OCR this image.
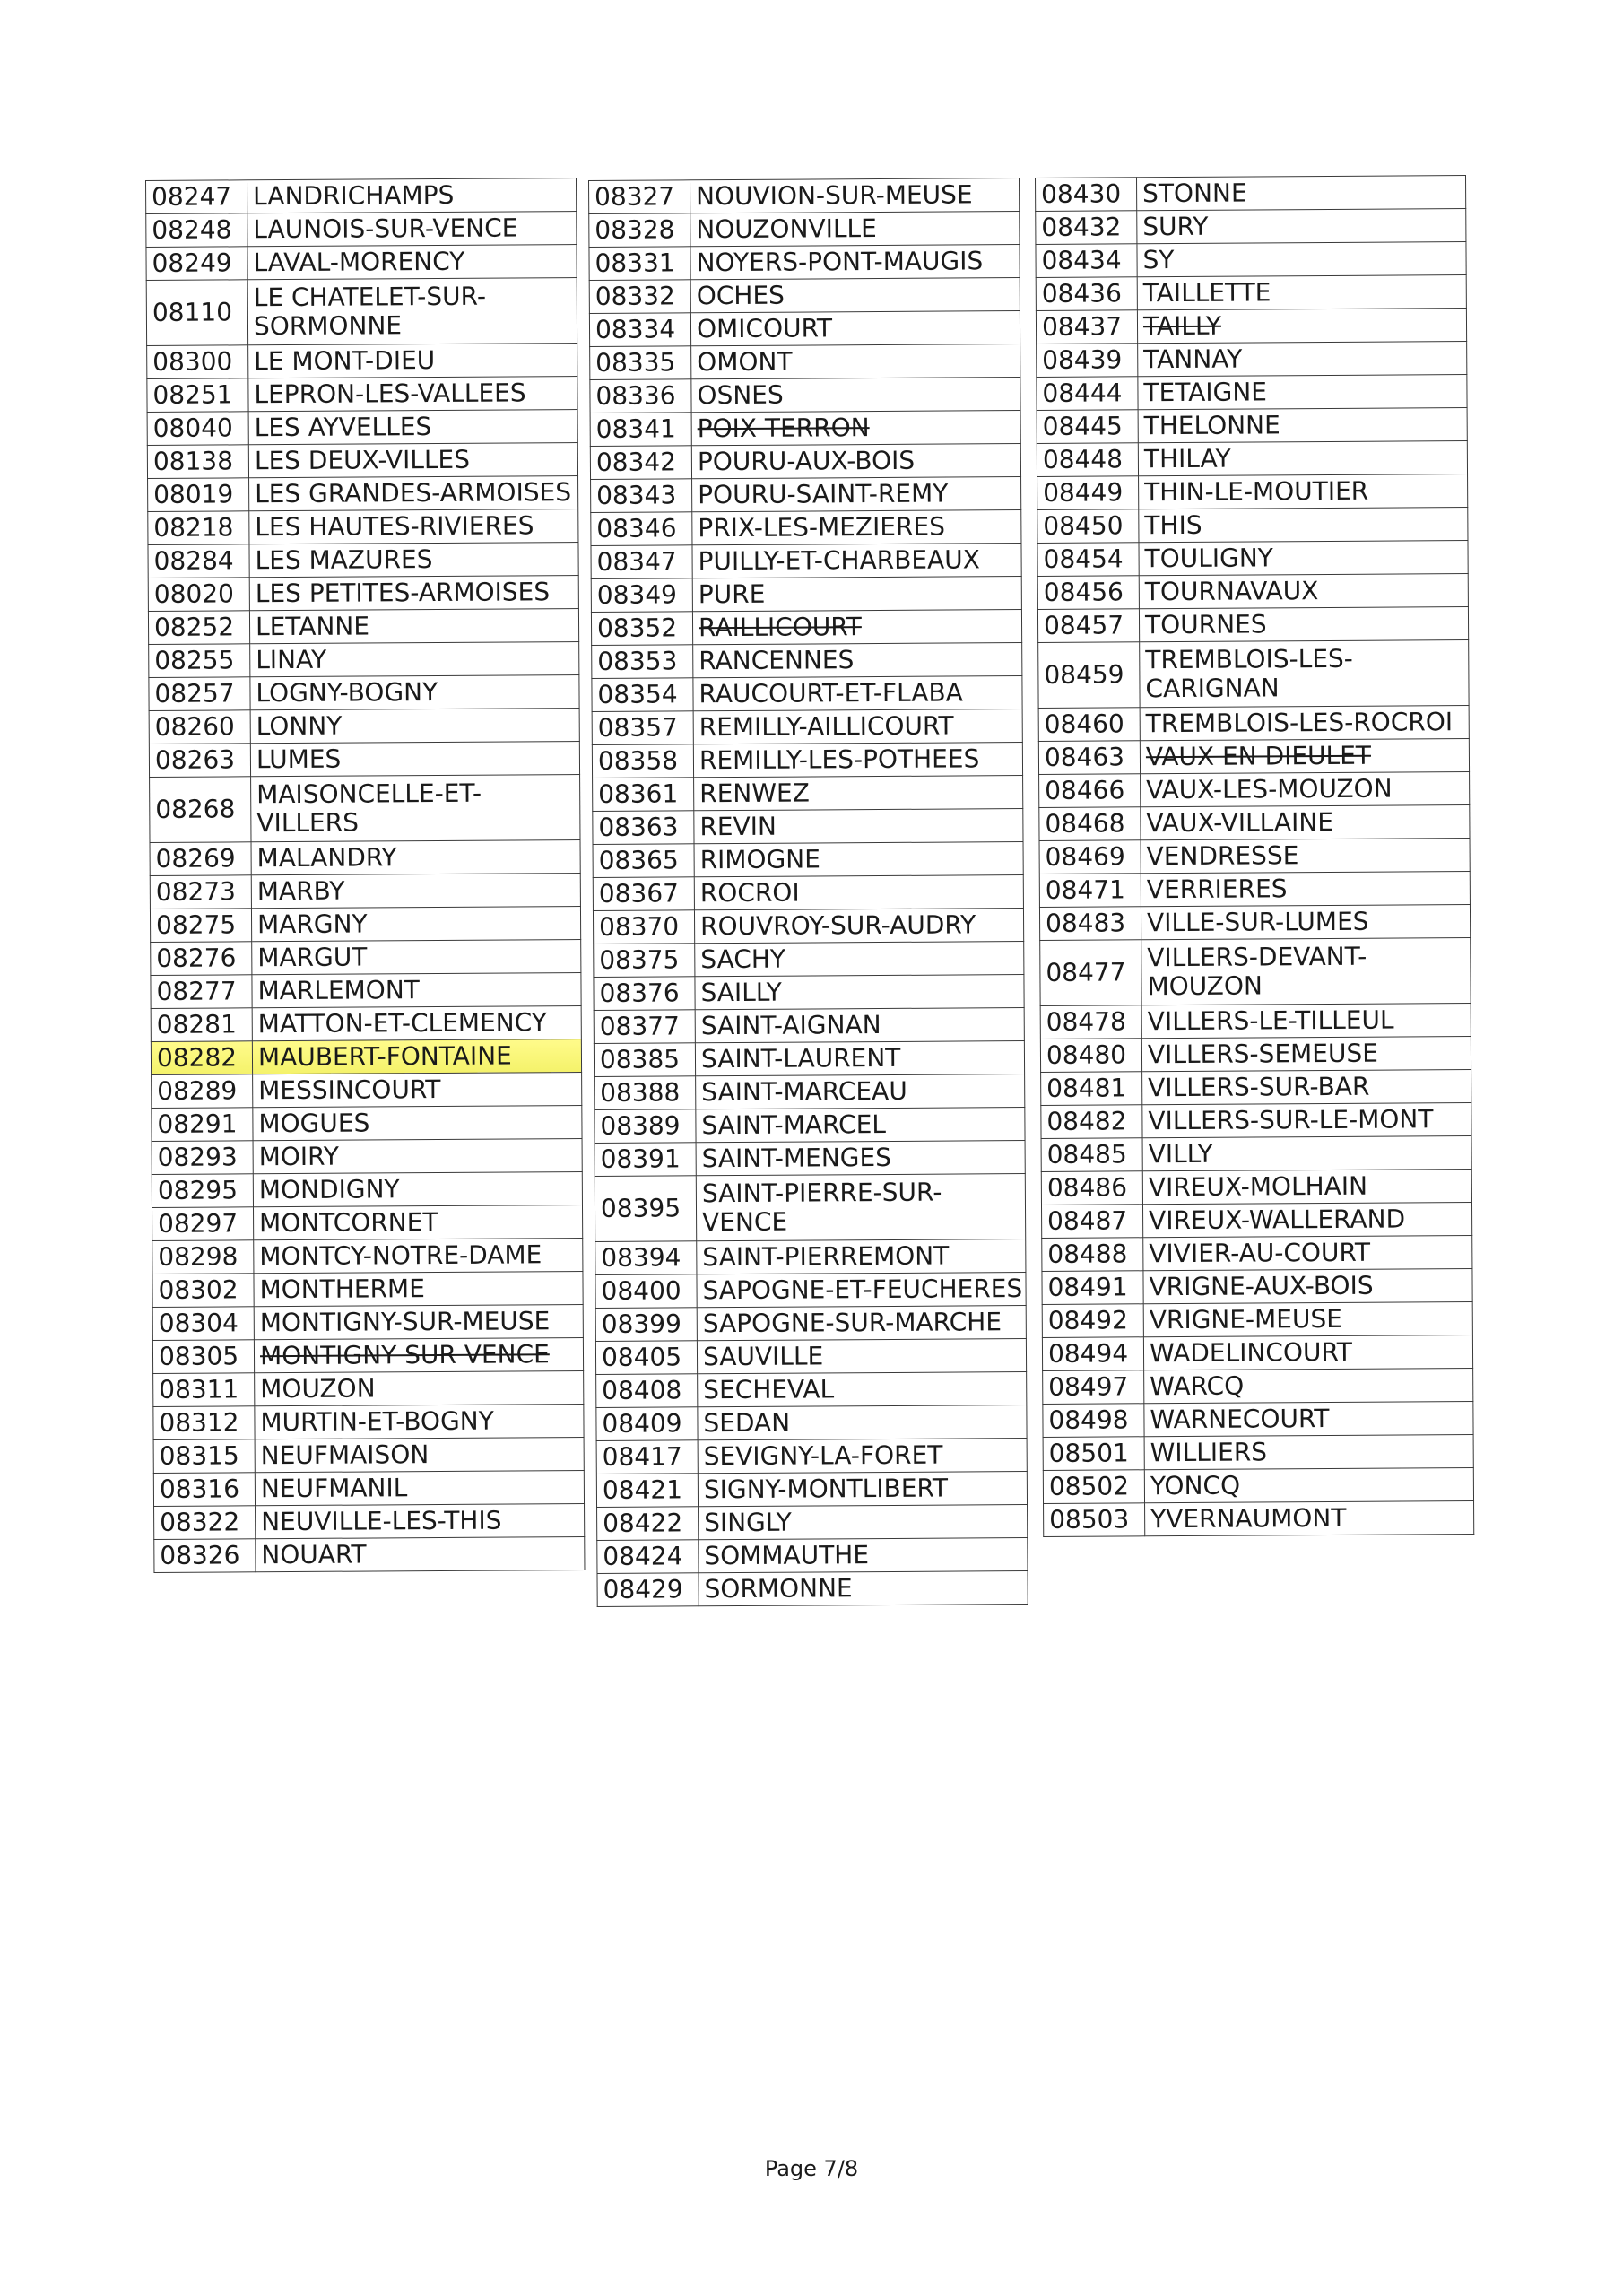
08247	LANDRICHAMPS
08248	LAUNOIS-SUR-VENCE
08249	LAVAL-MORENCY
08110	LE CHATELET-SUR-SORMONNE
08300	LE MONT-DIEU
08251	LEPRON-LES-VALLEES
08040	LES AYVELLES
08138	LES DEUX-VILLES
08019	LES GRANDES-ARMOISES
08218	LES HAUTES-RIVIERES
08284	LES MAZURES
08020	LES PETITES-ARMOISES
08252	LETANNE
08255	LINAY
08257	LOGNY-BOGNY
08260	LONNY
08263	LUMES
08268	MAISONCELLE-ET-VILLERS
08269	MALANDRY
08273	MARBY
08275	MARGNY
08276	MARGUT
08277	MARLEMONT
08281	MATTON-ET-CLEMENCY
08282	MAUBERT-FONTAINE
08289	MESSINCOURT
08291	MOGUES
08293	MOIRY
08295	MONDIGNY
08297	MONTCORNET
08298	MONTCY-NOTRE-DAME
08302	MONTHERME
08304	MONTIGNY-SUR-MEUSE
08305	MONTIGNY SUR VENCE
08311	MOUZON
08312	MURTIN-ET-BOGNY
08315	NEUFMAISON
08316	NEUFMANIL
08322	NEUVILLE-LES-THIS
08326	NOUART
08327	NOUVION-SUR-MEUSE
08328	NOUZONVILLE
08331	NOYERS-PONT-MAUGIS
08332	OCHES
08334	OMICOURT
08335	OMONT
08336	OSNES
08341	POIX TERRON
08342	POURU-AUX-BOIS
08343	POURU-SAINT-REMY
08346	PRIX-LES-MEZIERES
08347	PUILLY-ET-CHARBEAUX
08349	PURE
08352	RAILLICOURT
08353	RANCENNES
08354	RAUCOURT-ET-FLABA
08357	REMILLY-AILLICOURT
08358	REMILLY-LES-POTHEES
08361	RENWEZ
08363	REVIN
08365	RIMOGNE
08367	ROCROI
08370	ROUVROY-SUR-AUDRY
08375	SACHY
08376	SAILLY
08377	SAINT-AIGNAN
08385	SAINT-LAURENT
08388	SAINT-MARCEAU
08389	SAINT-MARCEL
08391	SAINT-MENGES
08395	SAINT-PIERRE-SUR-VENCE
08394	SAINT-PIERREMONT
08400	SAPOGNE-ET-FEUCHERES
08399	SAPOGNE-SUR-MARCHE
08405	SAUVILLE
08408	SECHEVAL
08409	SEDAN
08417	SEVIGNY-LA-FORET
08421	SIGNY-MONTLIBERT
08422	SINGLY
08424	SOMMAUTHE
08429	SORMONNE
08430	STONNE
08432	SURY
08434	SY
08436	TAILLETTE
08437	TAILLY
08439	TANNAY
08444	TETAIGNE
08445	THELONNE
08448	THILAY
08449	THIN-LE-MOUTIER
08450	THIS
08454	TOULIGNY
08456	TOURNAVAUX
08457	TOURNES
08459	TREMBLOIS-LES-CARIGNAN
08460	TREMBLOIS-LES-ROCROI
08463	VAUX EN DIEULET
08466	VAUX-LES-MOUZON
08468	VAUX-VILLAINE
08469	VENDRESSE
08471	VERRIERES
08483	VILLE-SUR-LUMES
08477	VILLERS-DEVANT-MOUZON
08478	VILLERS-LE-TILLEUL
08480	VILLERS-SEMEUSE
08481	VILLERS-SUR-BAR
08482	VILLERS-SUR-LE-MONT
08485	VILLY
08486	VIREUX-MOLHAIN
08487	VIREUX-WALLERAND
08488	VIVIER-AU-COURT
08491	VRIGNE-AUX-BOIS
08492	VRIGNE-MEUSE
08494	WADELINCOURT
08497	WARCQ
08498	WARNECOURT
08501	WILLIERS
08502	YONCQ
08503	YVERNAUMONT
Page 7/8
